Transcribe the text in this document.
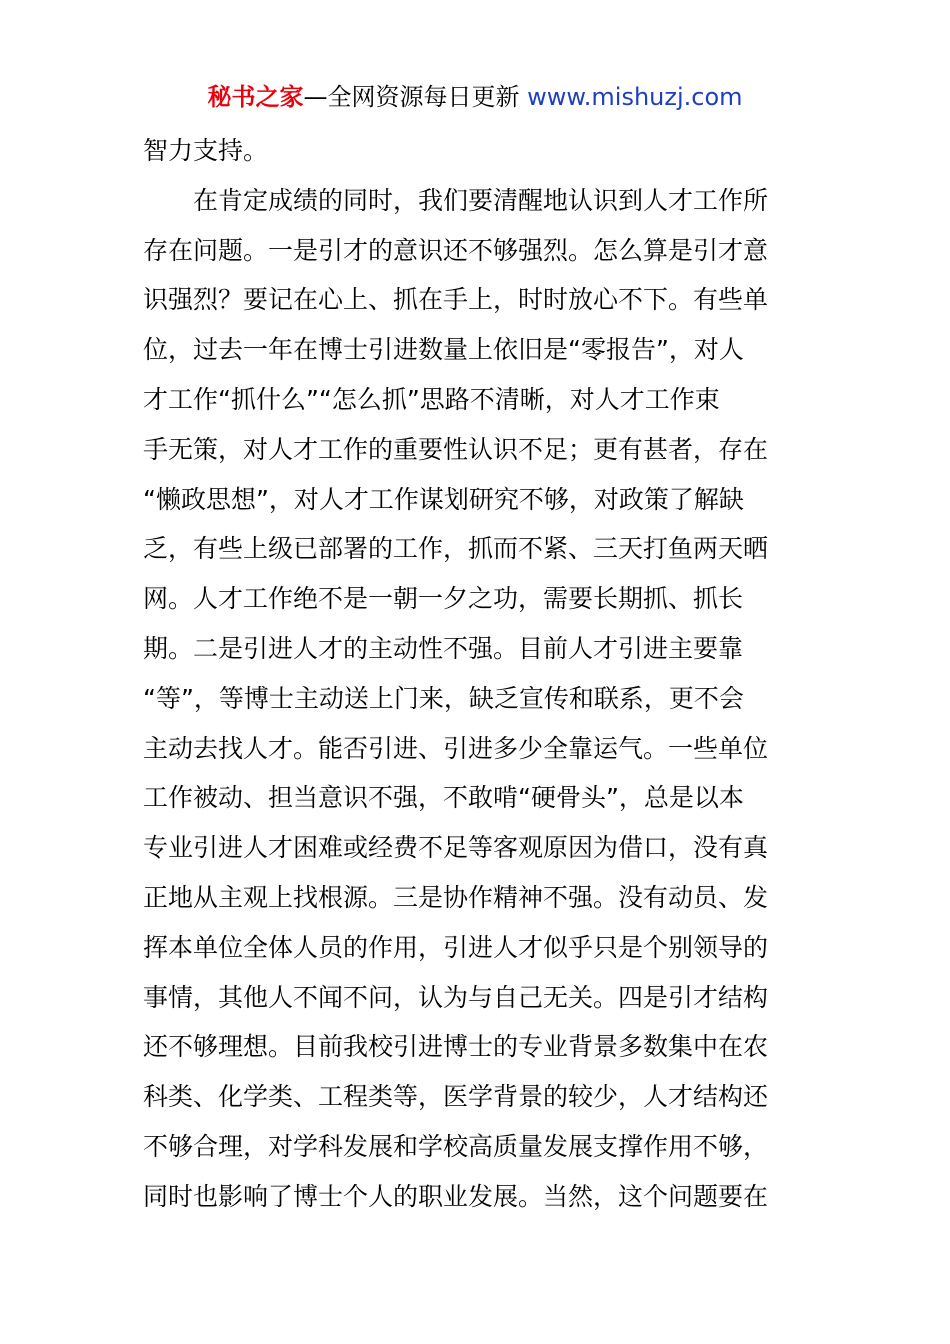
秘书之家—全网资源每日更新 www.mishuzj.com
智力支持。
在肯定成绩的同时，我们要清醒地认识到人才工作所
存在问题。一是引才的意识还不够强烈。怎么算是引才意
识强烈？要记在心上、抓在手上，时时放心不下。有些单
位，过去一年在博士引进数量上依旧是“零报告”，对人
才工作“抓什么”“怎么抓”思路不清晰，对人才工作束
手无策，对人才工作的重要性认识不足；更有甚者，存在
“懒政思想”，对人才工作谋划研究不够，对政策了解缺
乏，有些上级已部署的工作，抓而不紧、三天打鱼两天晒
网。人才工作绝不是一朝一夕之功，需要长期抓、抓长
期。二是引进人才的主动性不强。目前人才引进主要靠
“等”，等博士主动送上门来，缺乏宣传和联系，更不会
主动去找人才。能否引进、引进多少全靠运气。一些单位
工作被动、担当意识不强，不敢啃“硬骨头”，总是以本
专业引进人才困难或经费不足等客观原因为借口，没有真
正地从主观上找根源。三是协作精神不强。没有动员、发
挥本单位全体人员的作用，引进人才似乎只是个别领导的
事情，其他人不闻不问，认为与自己无关。四是引才结构
还不够理想。目前我校引进博士的专业背景多数集中在农
科类、化学类、工程类等，医学背景的较少，人才结构还
不够合理，对学科发展和学校高质量发展支撑作用不够，
同时也影响了博士个人的职业发展。当然，这个问题要在
